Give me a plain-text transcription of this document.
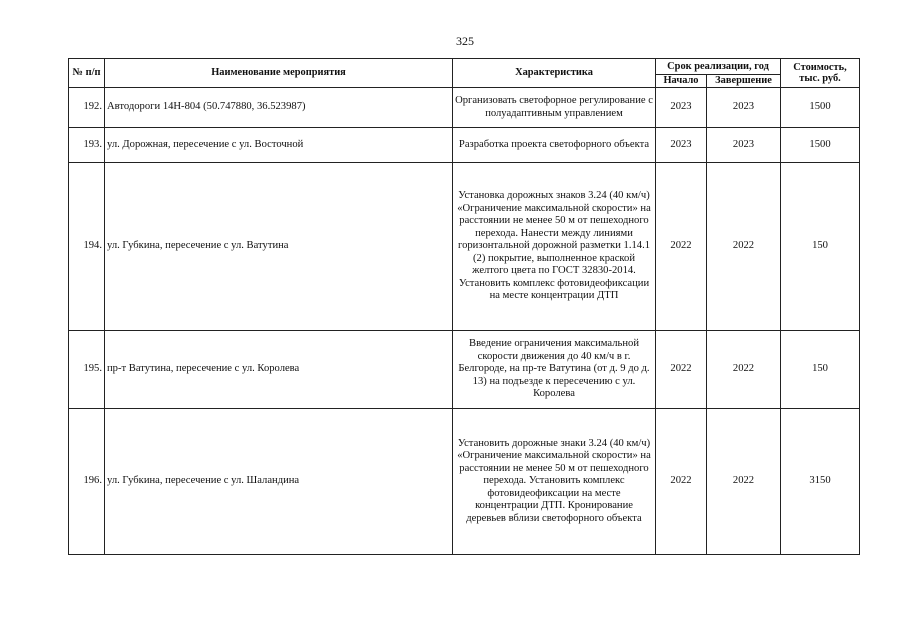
325
№ п/п	Наименование мероприятия	Характеристика	Срок реализации, год		Стоимость, тыс. руб.
			Начало	Завершение	
192.	Автодороги 14Н-804 (50.747880, 36.523987)	Организовать светофорное регулирование с полуадаптивным управлением	2023	2023	1500
193.	ул. Дорожная, пересечение с ул. Восточной	Разработка проекта светофорного объекта	2023	2023	1500
194.	ул. Губкина, пересечение с ул. Ватутина	Установка дорожных знаков 3.24 (40 км/ч) «Ограничение максимальной скорости» на расстоянии не менее 50 м от пешеходного перехода. Нанести между линиями горизонтальной дорожной разметки 1.14.1 (2) покрытие, выполненное краской желтого цвета по ГОСТ 32830-2014. Установить комплекс фотовидеофиксации на месте концентрации ДТП	2022	2022	150
195.	пр-т Ватутина, пересечение с ул. Королева	Введение ограничения максимальной скорости движения до 40 км/ч в г. Белгороде, на пр-те Ватутина (от д. 9 до д. 13) на подъезде к пересечению с ул. Королева	2022	2022	150
196.	ул. Губкина, пересечение с ул. Шаландина	Установить дорожные знаки 3.24 (40 км/ч) «Ограничение максимальной скорости» на расстоянии не менее 50 м от пешеходного перехода. Установить комплекс фотовидеофиксации на месте концентрации ДТП. Кронирование деревьев вблизи светофорного объекта	2022	2022	3150
